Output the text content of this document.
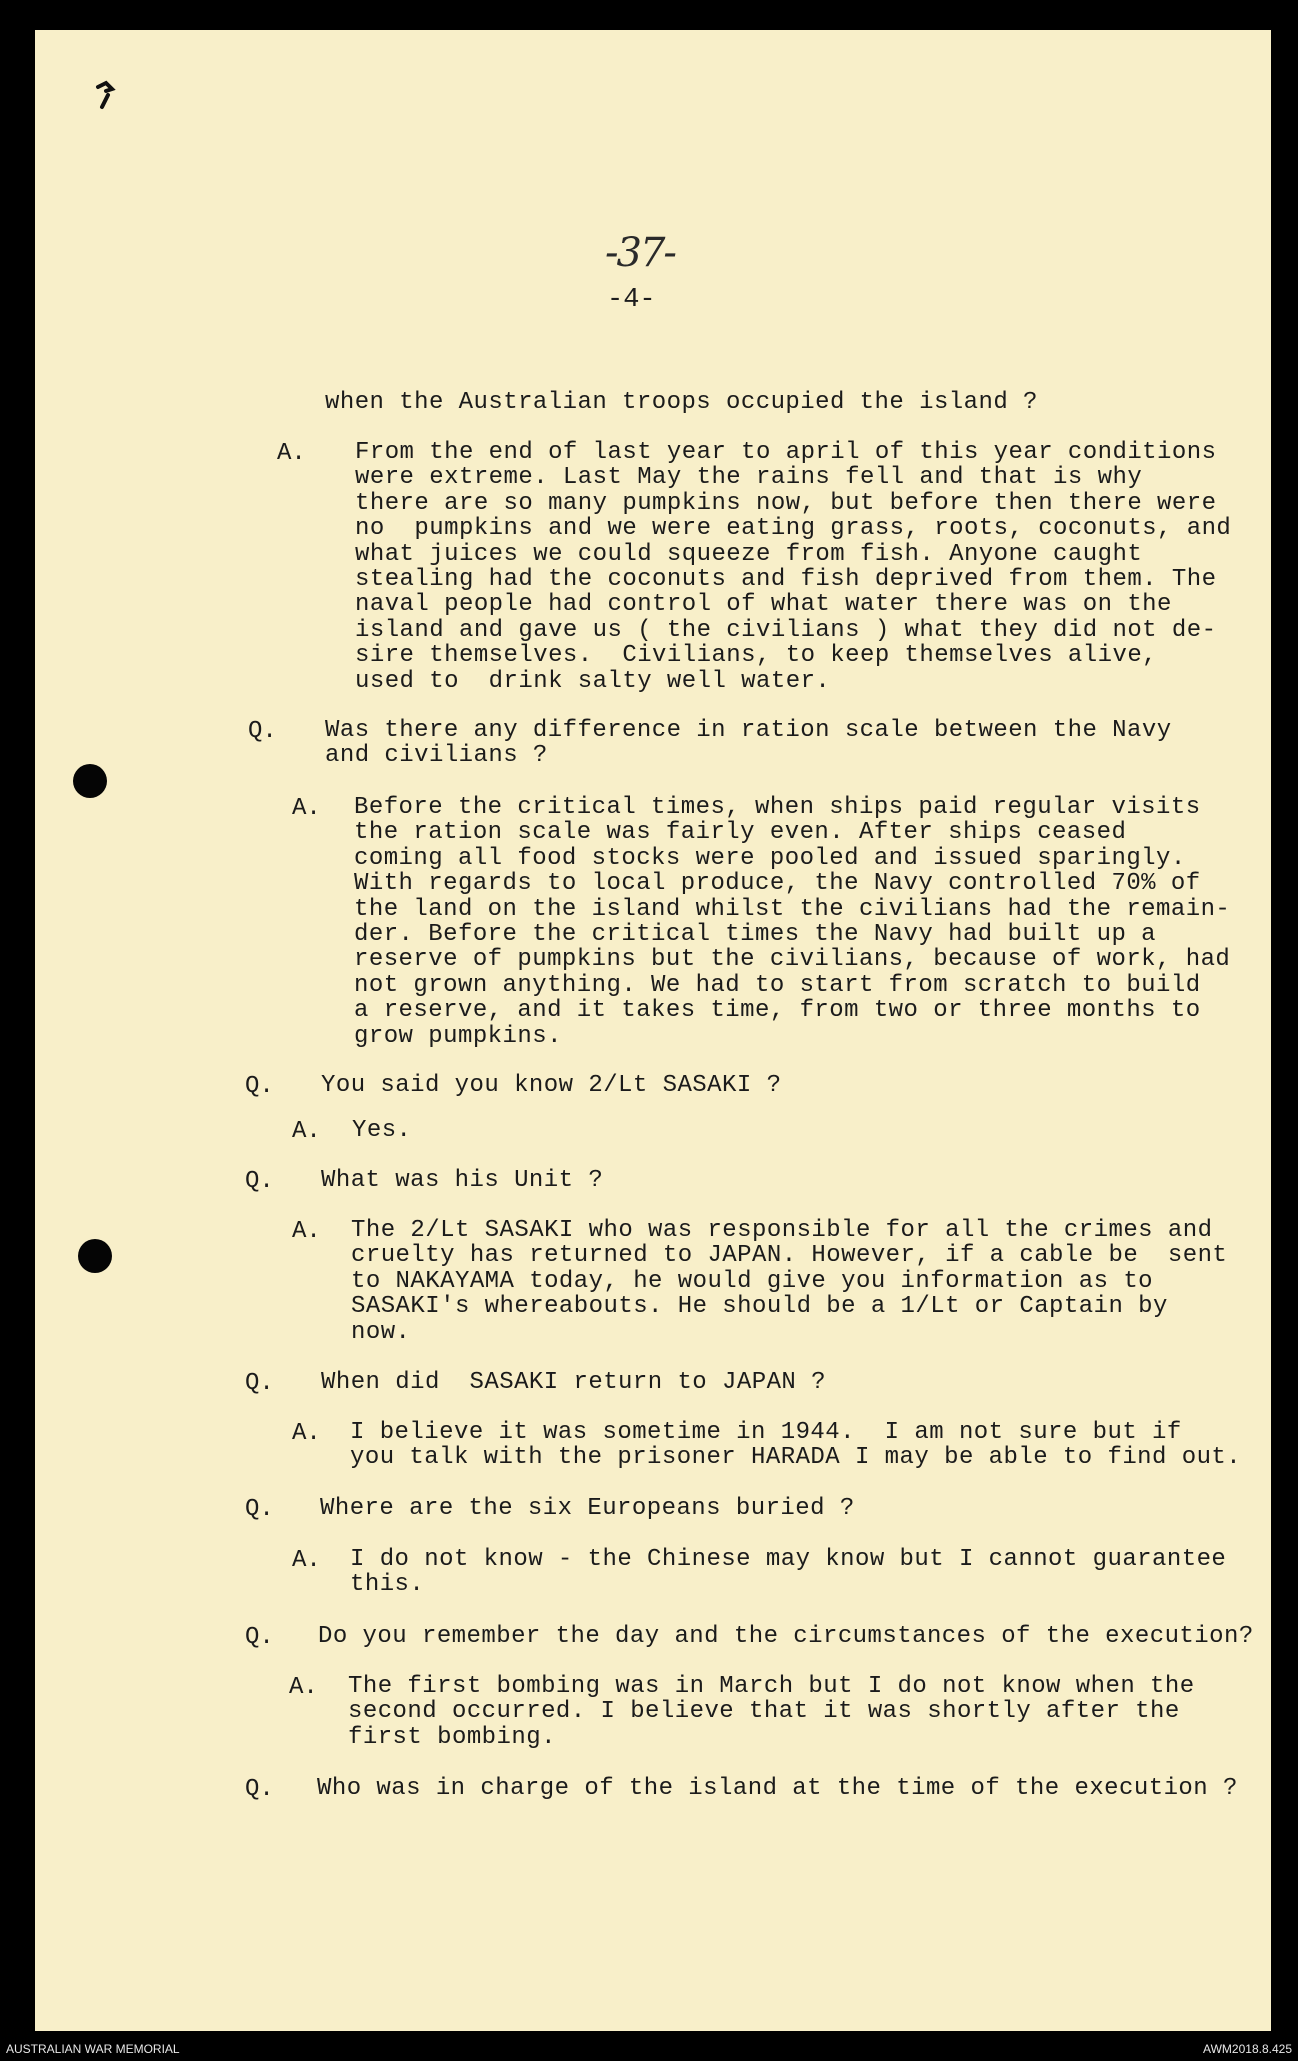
-37-
-4-
when the Australian troops occupied the island ?
A. From the end of last year to april of this year conditions
were extreme. Last May the rains fell and that is why
there are so many pumpkins now, but before then there were
no  pumpkins and we were eating grass, roots, coconuts, and
what juices we could squeeze from fish. Anyone caught
stealing had the coconuts and fish deprived from them. The
naval people had control of what water there was on the
island and gave us ( the civilians ) what they did not de-
sire themselves.  Civilians, to keep themselves alive,
used to  drink salty well water.
Q. Was there any difference in ration scale between the Navy
and civilians ?
A. Before the critical times, when ships paid regular visits
the ration scale was fairly even. After ships ceased
coming all food stocks were pooled and issued sparingly.
With regards to local produce, the Navy controlled 70% of
the land on the island whilst the civilians had the remain-
der. Before the critical times the Navy had built up a
reserve of pumpkins but the civilians, because of work, had
not grown anything. We had to start from scratch to build
a reserve, and it takes time, from two or three months to
grow pumpkins.
Q. You said you know 2/Lt SASAKI ?
A. Yes.
Q. What was his Unit ?
A. The 2/Lt SASAKI who was responsible for all the crimes and
cruelty has returned to JAPAN. However, if a cable be  sent
to NAKAYAMA today, he would give you information as to
SASAKI's whereabouts. He should be a 1/Lt or Captain by
now.
Q. When did  SASAKI return to JAPAN ?
A. I believe it was sometime in 1944.  I am not sure but if
you talk with the prisoner HARADA I may be able to find out.
Q. Where are the six Europeans buried ?
A. I do not know - the Chinese may know but I cannot guarantee
this.
Q. Do you remember the day and the circumstances of the execution?
A. The first bombing was in March but I do not know when the
second occurred. I believe that it was shortly after the
first bombing.
Q. Who was in charge of the island at the time of the execution ?
AUSTRALIAN WAR MEMORIAL	AWM2018.8.425
